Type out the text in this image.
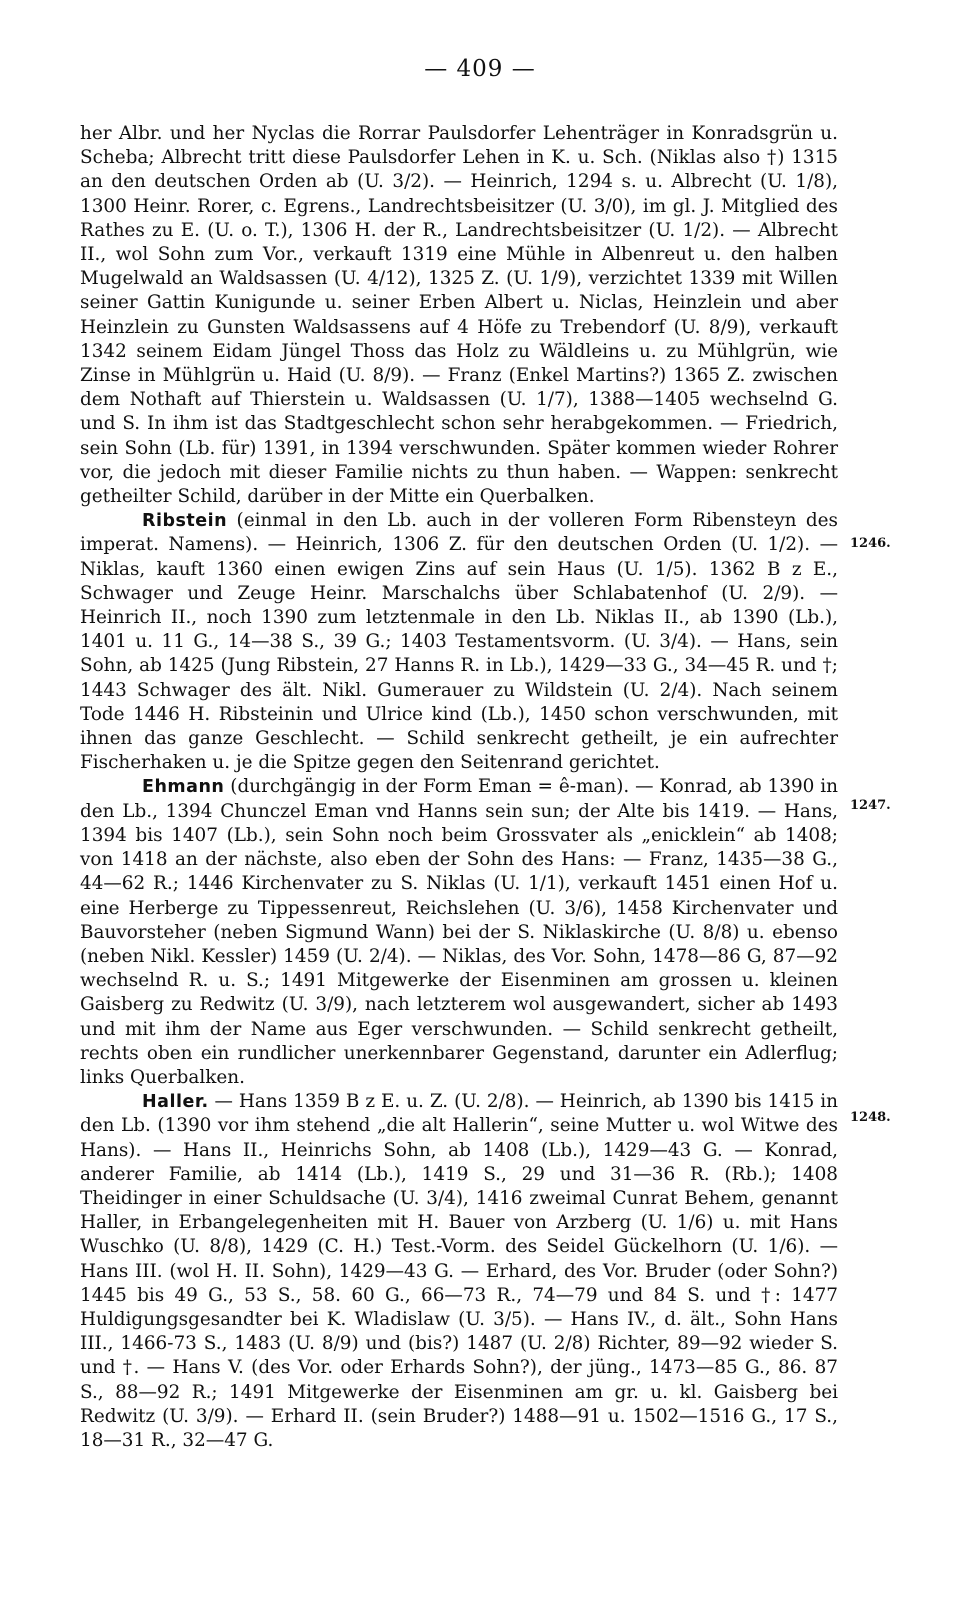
— 409 —

her Albr. und her Nyclas die Rorrar Paulsdorfer Lehenträger in Konradsgrün u. Scheba; Albrecht tritt diese Paulsdorfer Lehen in K. u. Sch. (Niklas also †) 1315 an den deutschen Orden ab (U. 3/2). — Heinrich, 1294 s. u. Albrecht (U. 1/8), 1300 Heinr. Rorer, c. Egrens., Landrechtsbeisitzer (U. 3/0), im gl. J. Mitglied des Rathes zu E. (U. o. T.), 1306 H. der R., Landrechtsbeisitzer (U. 1/2). — Albrecht II., wol Sohn zum Vor., verkauft 1319 eine Mühle in Albenreut u. den halben Mugelwald an Waldsassen (U. 4/12), 1325 Z. (U. 1/9), verzichtet 1339 mit Willen seiner Gattin Kunigunde u. seiner Erben Albert u. Niclas, Heinzlein und aber Heinzlein zu Gunsten Waldsassens auf 4 Höfe zu Trebendorf (U. 8/9), verkauft 1342 seinem Eidam Jüngel Thoss das Holz zu Wäldleins u. zu Mühlgrün, wie Zinse in Mühlgrün u. Haid (U. 8/9). — Franz (Enkel Martins?) 1365 Z. zwischen dem Nothaft auf Thierstein u. Waldsassen (U. 1/7), 1388—1405 wechselnd G. und S. In ihm ist das Stadtgeschlecht schon sehr herabgekommen. — Friedrich, sein Sohn (Lb. für) 1391, in 1394 verschwunden. Später kommen wieder Rohrer vor, die jedoch mit dieser Familie nichts zu thun haben. — Wappen: senkrecht getheilter Schild, darüber in der Mitte ein Querbalken.

Ribstein (einmal in den Lb. auch in der volleren Form Ribensteyn des imperat. Namens). — Heinrich, 1306 Z. für den deutschen Orden (U. 1/2). — Niklas, kauft 1360 einen ewigen Zins auf sein Haus (U. 1/5). 1362 B z E., Schwager und Zeuge Heinr. Marschalchs über Schlabatenhof (U. 2/9). — Heinrich II., noch 1390 zum letztenmale in den Lb. Niklas II., ab 1390 (Lb.), 1401 u. 11 G., 14—38 S., 39 G.; 1403 Testamentsvorm. (U. 3/4). — Hans, sein Sohn, ab 1425 (Jung Ribstein, 27 Hanns R. in Lb.), 1429—33 G., 34—45 R. und †; 1443 Schwager des ält. Nikl. Gumerauer zu Wildstein (U. 2/4). Nach seinem Tode 1446 H. Ribsteinin und Ulrice kind (Lb.), 1450 schon verschwunden, mit ihnen das ganze Geschlecht. — Schild senkrecht getheilt, je ein aufrechter Fischerhaken u. je die Spitze gegen den Seitenrand gerichtet.

Ehmann (durchgängig in der Form Eman = ê-man). — Konrad, ab 1390 in den Lb., 1394 Chunczel Eman vnd Hanns sein sun; der Alte bis 1419. — Hans, 1394 bis 1407 (Lb.), sein Sohn noch beim Grossvater als „enicklein“ ab 1408; von 1418 an der nächste, also eben der Sohn des Hans: — Franz, 1435—38 G., 44—62 R.; 1446 Kirchenvater zu S. Niklas (U. 1/1), verkauft 1451 einen Hof u. eine Herberge zu Tippessenreut, Reichslehen (U. 3/6), 1458 Kirchenvater und Bauvorsteher (neben Sigmund Wann) bei der S. Niklaskirche (U. 8/8) u. ebenso (neben Nikl. Kessler) 1459 (U. 2/4). — Niklas, des Vor. Sohn, 1478—86 G, 87—92 wechselnd R. u. S.; 1491 Mitgewerke der Eisenminen am grossen u. kleinen Gaisberg zu Redwitz (U. 3/9), nach letzterem wol ausgewandert, sicher ab 1493 und mit ihm der Name aus Eger verschwunden. — Schild senkrecht getheilt, rechts oben ein rundlicher unerkennbarer Gegenstand, darunter ein Adlerflug; links Querbalken.

Haller. — Hans 1359 B z E. u. Z. (U. 2/8). — Heinrich, ab 1390 bis 1415 in den Lb. (1390 vor ihm stehend „die alt Hallerin“, seine Mutter u. wol Witwe des Hans). — Hans II., Heinrichs Sohn, ab 1408 (Lb.), 1429—43 G. — Konrad, anderer Familie, ab 1414 (Lb.), 1419 S., 29 und 31—36 R. (Rb.); 1408 Theidinger in einer Schuldsache (U. 3/4), 1416 zweimal Cunrat Behem, genannt Haller, in Erbangelegenheiten mit H. Bauer von Arzberg (U. 1/6) u. mit Hans Wuschko (U. 8/8), 1429 (C. H.) Test.-Vorm. des Seidel Gückelhorn (U. 1/6). — Hans III. (wol H. II. Sohn), 1429—43 G. — Erhard, des Vor. Bruder (oder Sohn?) 1445 bis 49 G., 53 S., 58. 60 G., 66—73 R., 74—79 und 84 S. und †: 1477 Huldigungsgesandter bei K. Wladislaw (U. 3/5). — Hans IV., d. ält., Sohn Hans III., 1466-73 S., 1483 (U. 8/9) und (bis?) 1487 (U. 2/8) Richter, 89—92 wieder S. und †. — Hans V. (des Vor. oder Erhards Sohn?), der jüng., 1473—85 G., 86. 87 S., 88—92 R.; 1491 Mitgewerke der Eisenminen am gr. u. kl. Gaisberg bei Redwitz (U. 3/9). — Erhard II. (sein Bruder?) 1488—91 u. 1502—1516 G., 17 S., 18—31 R., 32—47 G.

1246.
1247.
1248.
